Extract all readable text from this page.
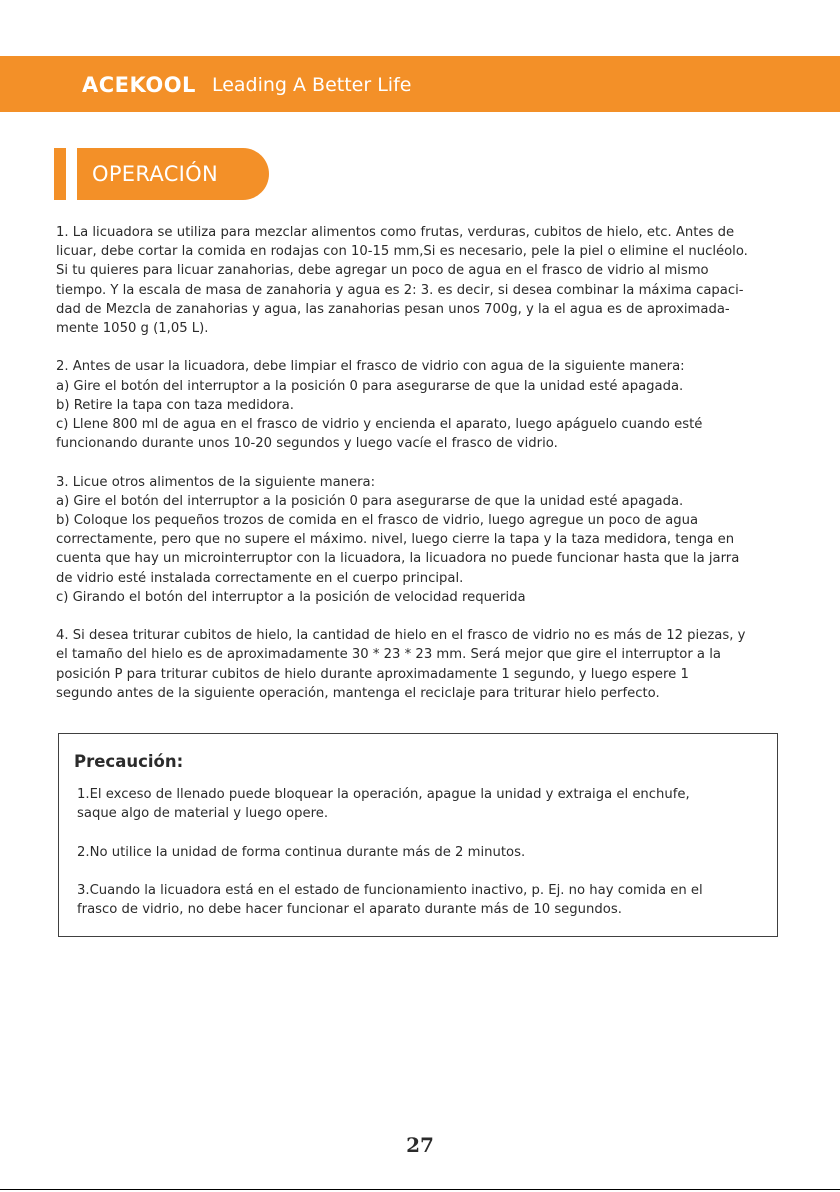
ACEKOOL Leading A Better Life
OPERACIÓN

1. La licuadora se utiliza para mezclar alimentos como frutas, verduras, cubitos de hielo, etc. Antes de

licuar, debe cortar la comida en rodajas con 10-15 mm,Si es necesario, pele la piel o elimine el nucléolo.

Si tu quieres para licuar zanahorias, debe agregar un poco de agua en el frasco de vidrio al mismo

tiempo. Y la escala de masa de zanahoria y agua es 2: 3. es decir, si desea combinar la máxima capaci-

dad de Mezcla de zanahorias y agua, las zanahorias pesan unos 700g, y la el agua es de aproximada-

mente 1050 g (1,05 L).

2. Antes de usar la licuadora, debe limpiar el frasco de vidrio con agua de la siguiente manera:

a) Gire el botón del interruptor a la posición 0 para asegurarse de que la unidad esté apagada.

b) Retire la tapa con taza medidora.

c) Llene 800 ml de agua en el frasco de vidrio y encienda el aparato, luego apáguelo cuando esté

funcionando durante unos 10-20 segundos y luego vacíe el frasco de vidrio.

3. Licue otros alimentos de la siguiente manera:

a) Gire el botón del interruptor a la posición 0 para asegurarse de que la unidad esté apagada.

b) Coloque los pequeños trozos de comida en el frasco de vidrio, luego agregue un poco de agua

correctamente, pero que no supere el máximo. nivel, luego cierre la tapa y la taza medidora, tenga en

cuenta que hay un microinterruptor con la licuadora, la licuadora no puede funcionar hasta que la jarra

de vidrio esté instalada correctamente en el cuerpo principal.

c) Girando el botón del interruptor a la posición de velocidad requerida

4. Si desea triturar cubitos de hielo, la cantidad de hielo en el frasco de vidrio no es más de 12 piezas, y

el tamaño del hielo es de aproximadamente 30 * 23 * 23 mm. Será mejor que gire el interruptor a la

posición P para triturar cubitos de hielo durante aproximadamente 1 segundo, y luego espere 1

segundo antes de la siguiente operación, mantenga el reciclaje para triturar hielo perfecto.

Precaución:
1.El exceso de llenado puede bloquear la operación, apague la unidad y extraiga el enchufe,
saque algo de material y luego opere.
2.No utilice la unidad de forma continua durante más de 2 minutos.
3.Cuando la licuadora está en el estado de funcionamiento inactivo, p. Ej. no hay comida en el
frasco de vidrio, no debe hacer funcionar el aparato durante más de 10 segundos.
27
